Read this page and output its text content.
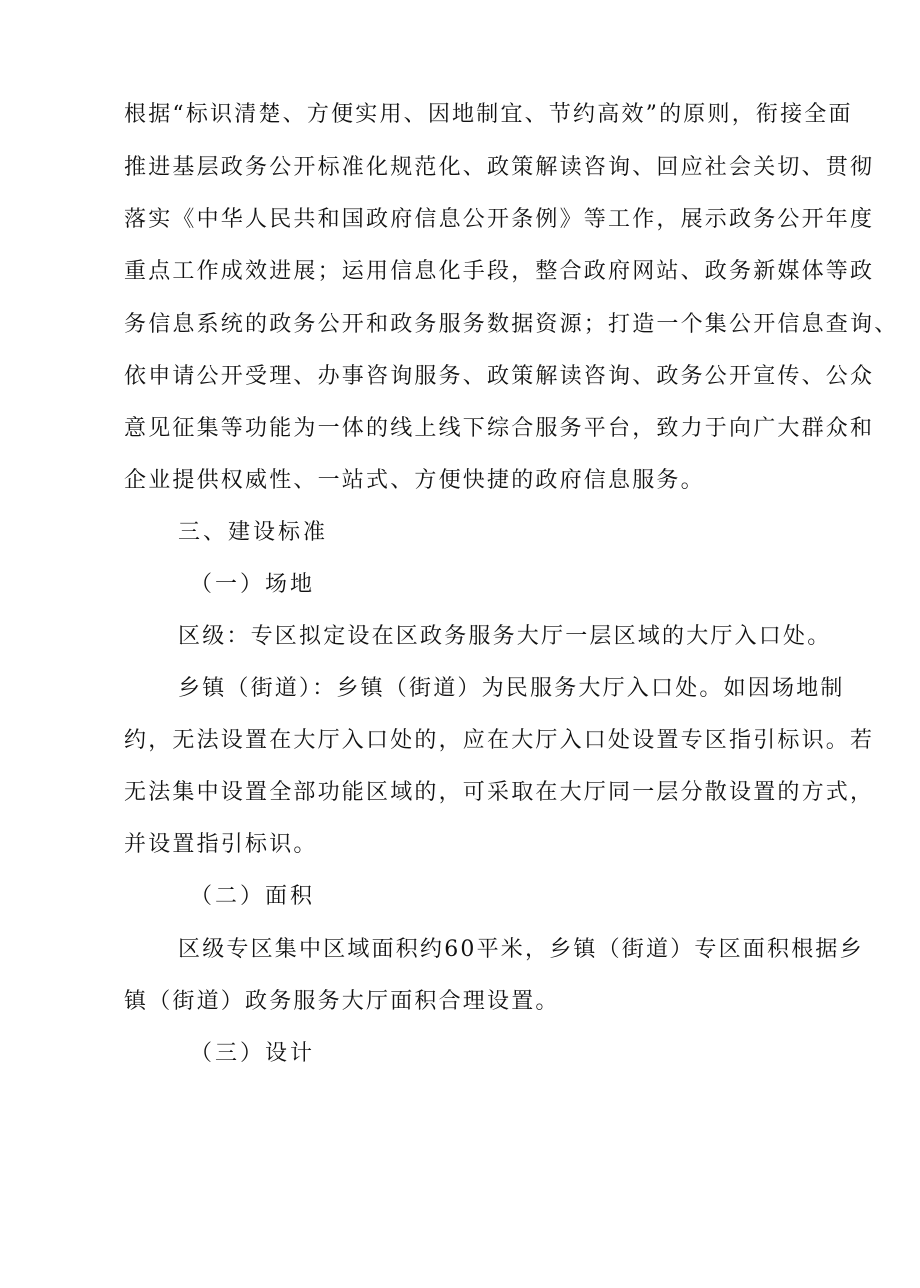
根据“标识清楚、方便实用、因地制宜、节约高效”的原则，衔接全面
推进基层政务公开标准化规范化、政策解读咨询、回应社会关切、贯彻
落实《中华人民共和国政府信息公开条例》等工作，展示政务公开年度
重点工作成效进展；运用信息化手段，整合政府网站、政务新媒体等政
务信息系统的政务公开和政务服务数据资源；打造一个集公开信息查询、
依申请公开受理、办事咨询服务、政策解读咨询、政务公开宣传、公众
意见征集等功能为一体的线上线下综合服务平台，致力于向广大群众和
企业提供权威性、一站式、方便快捷的政府信息服务。
三、建设标准
（一）场地
区级：专区拟定设在区政务服务大厅一层区域的大厅入口处。
乡镇（街道）：乡镇（街道）为民服务大厅入口处。如因场地制
约，无法设置在大厅入口处的，应在大厅入口处设置专区指引标识。若
无法集中设置全部功能区域的，可采取在大厅同一层分散设置的方式，
并设置指引标识。
（二）面积
区级专区集中区域面积约60平米，乡镇（街道）专区面积根据乡
镇（街道）政务服务大厅面积合理设置。
（三）设计
